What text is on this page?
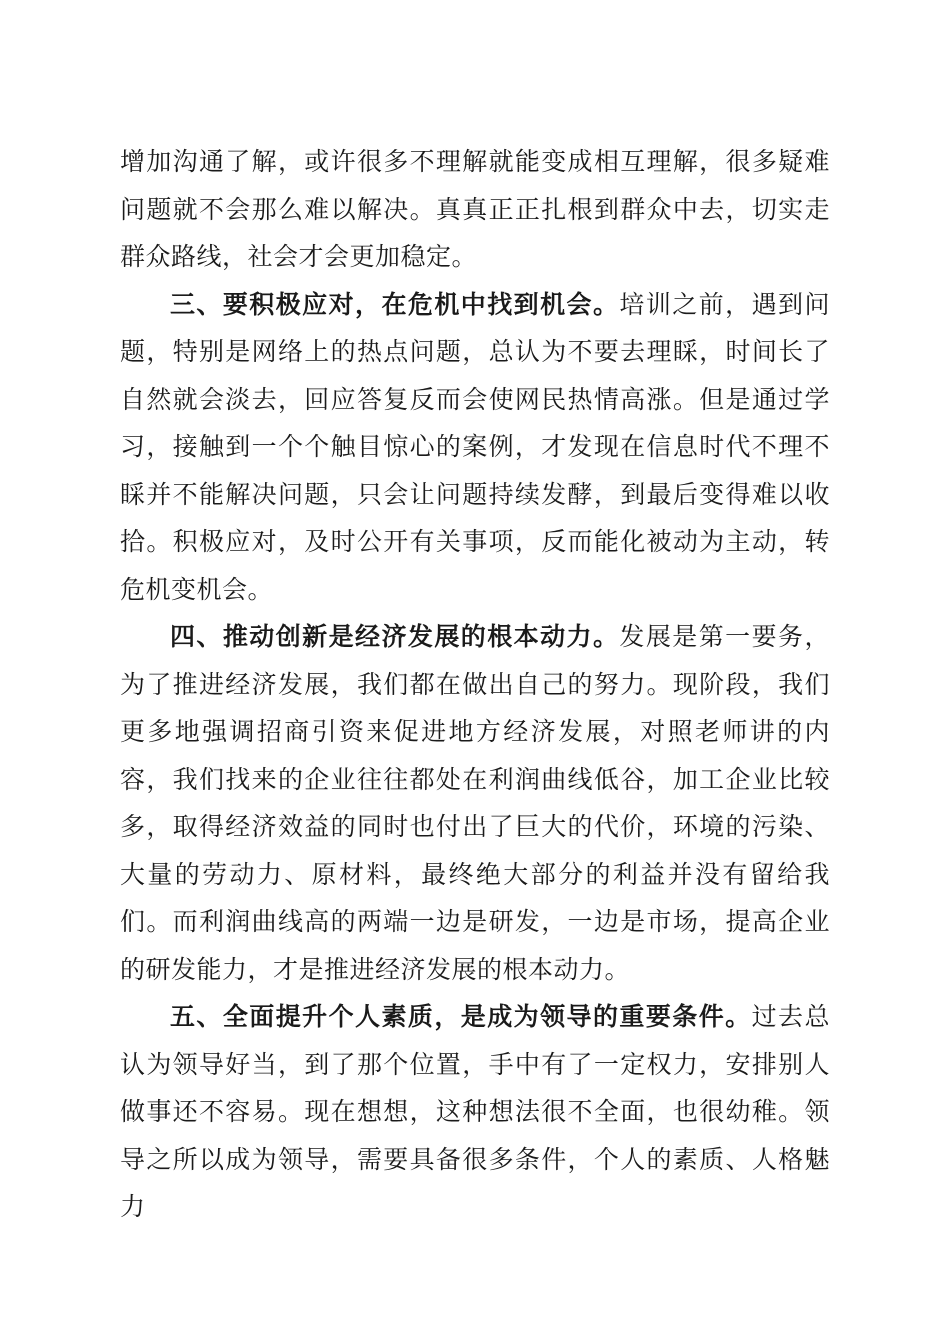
增加沟通了解，或许很多不理解就能变成相互理解，很多疑难问题就不会那么难以解决。真真正正扎根到群众中去，切实走群众路线，社会才会更加稳定。

三、要积极应对，在危机中找到机会。培训之前，遇到问题，特别是网络上的热点问题，总认为不要去理睬，时间长了自然就会淡去，回应答复反而会使网民热情高涨。但是通过学习，接触到一个个触目惊心的案例，才发现在信息时代不理不睬并不能解决问题，只会让问题持续发酵，到最后变得难以收拾。积极应对，及时公开有关事项，反而能化被动为主动，转危机变机会。

四、推动创新是经济发展的根本动力。发展是第一要务，为了推进经济发展，我们都在做出自己的努力。现阶段，我们更多地强调招商引资来促进地方经济发展，对照老师讲的内容，我们找来的企业往往都处在利润曲线低谷，加工企业比较多，取得经济效益的同时也付出了巨大的代价，环境的污染、大量的劳动力、原材料，最终绝大部分的利益并没有留给我们。而利润曲线高的两端一边是研发，一边是市场，提高企业的研发能力，才是推进经济发展的根本动力。

五、全面提升个人素质，是成为领导的重要条件。过去总认为领导好当，到了那个位置，手中有了一定权力，安排别人做事还不容易。现在想想，这种想法很不全面，也很幼稚。领导之所以成为领导，需要具备很多条件，个人的素质、人格魅力
